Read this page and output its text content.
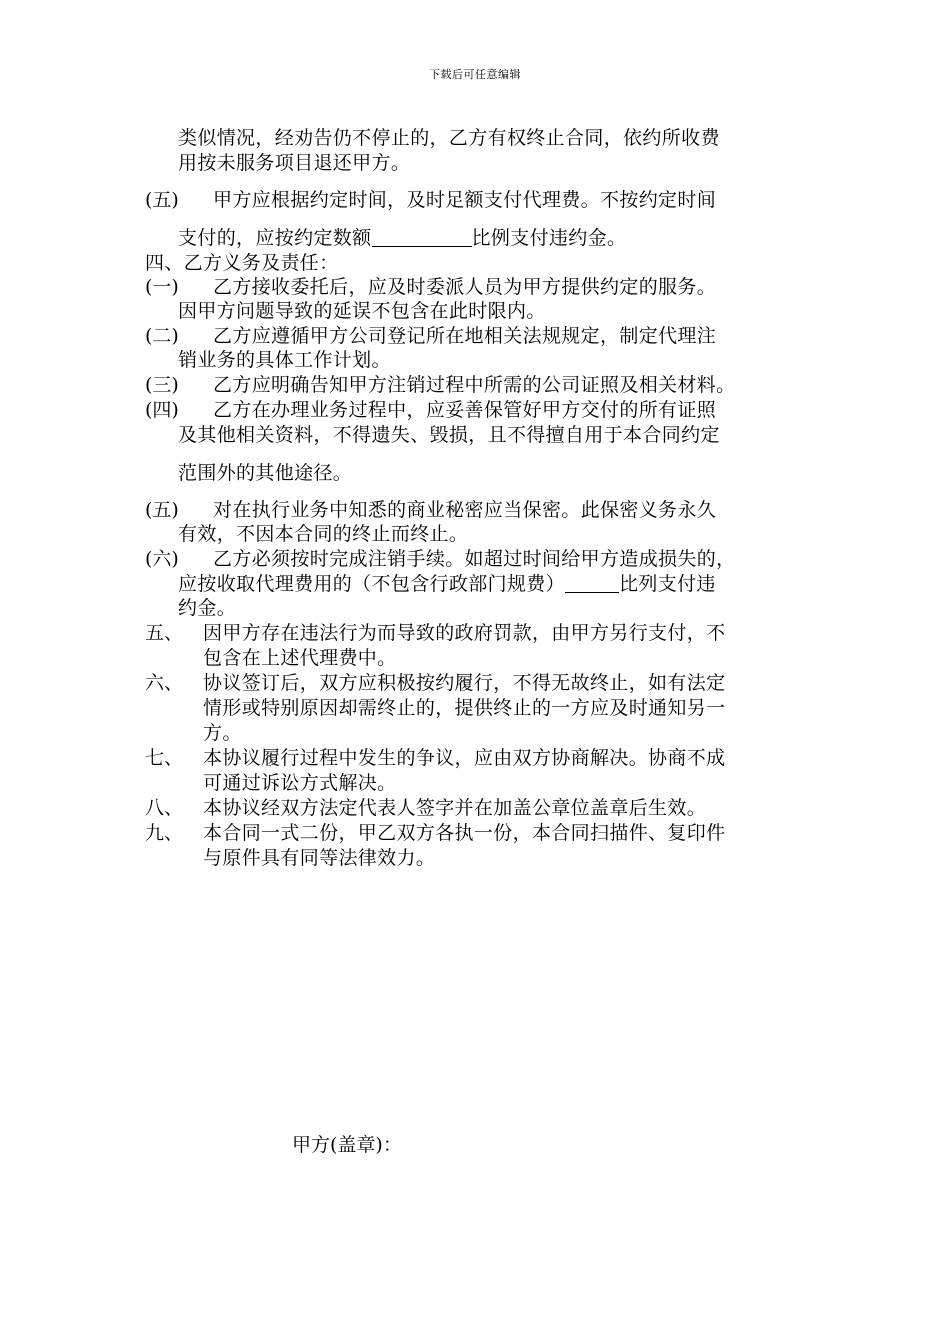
下载后可任意编辑
类似情况，经劝告仍不停止的，乙方有权终止合同，依约所收费
用按未服务项目退还甲方。
(五) 甲方应根据约定时间，及时足额支付代理费。不按约定时间
支付的，应按约定数额	比例支付违约金。
四、乙方义务及责任：
(一) 乙方接收委托后，应及时委派人员为甲方提供约定的服务。
因甲方问题导致的延误不包含在此时限内。
(二) 乙方应遵循甲方公司登记所在地相关法规规定，制定代理注
销业务的具体工作计划。
(三) 乙方应明确告知甲方注销过程中所需的公司证照及相关材料。
(四) 乙方在办理业务过程中，应妥善保管好甲方交付的所有证照
及其他相关资料，不得遗失、毁损，且不得擅自用于本合同约定
范围外的其他途径。
(五) 对在执行业务中知悉的商业秘密应当保密。此保密义务永久
有效，不因本合同的终止而终止。
(六) 乙方必须按时完成注销手续。如超过时间给甲方造成损失的，
应按收取代理费用的（不包含行政部门规费）	比列支付违
约金。
五、 因甲方存在违法行为而导致的政府罚款，由甲方另行支付，不
包含在上述代理费中。
六、 协议签订后，双方应积极按约履行，不得无故终止，如有法定
情形或特别原因却需终止的，提供终止的一方应及时通知另一
方。
七、 本协议履行过程中发生的争议，应由双方协商解决。协商不成
可通过诉讼方式解决。
八、 本协议经双方法定代表人签字并在加盖公章位盖章后生效。
九、 本合同一式二份，甲乙双方各执一份，本合同扫描件、复印件
与原件具有同等法律效力。
甲方(盖章)：
